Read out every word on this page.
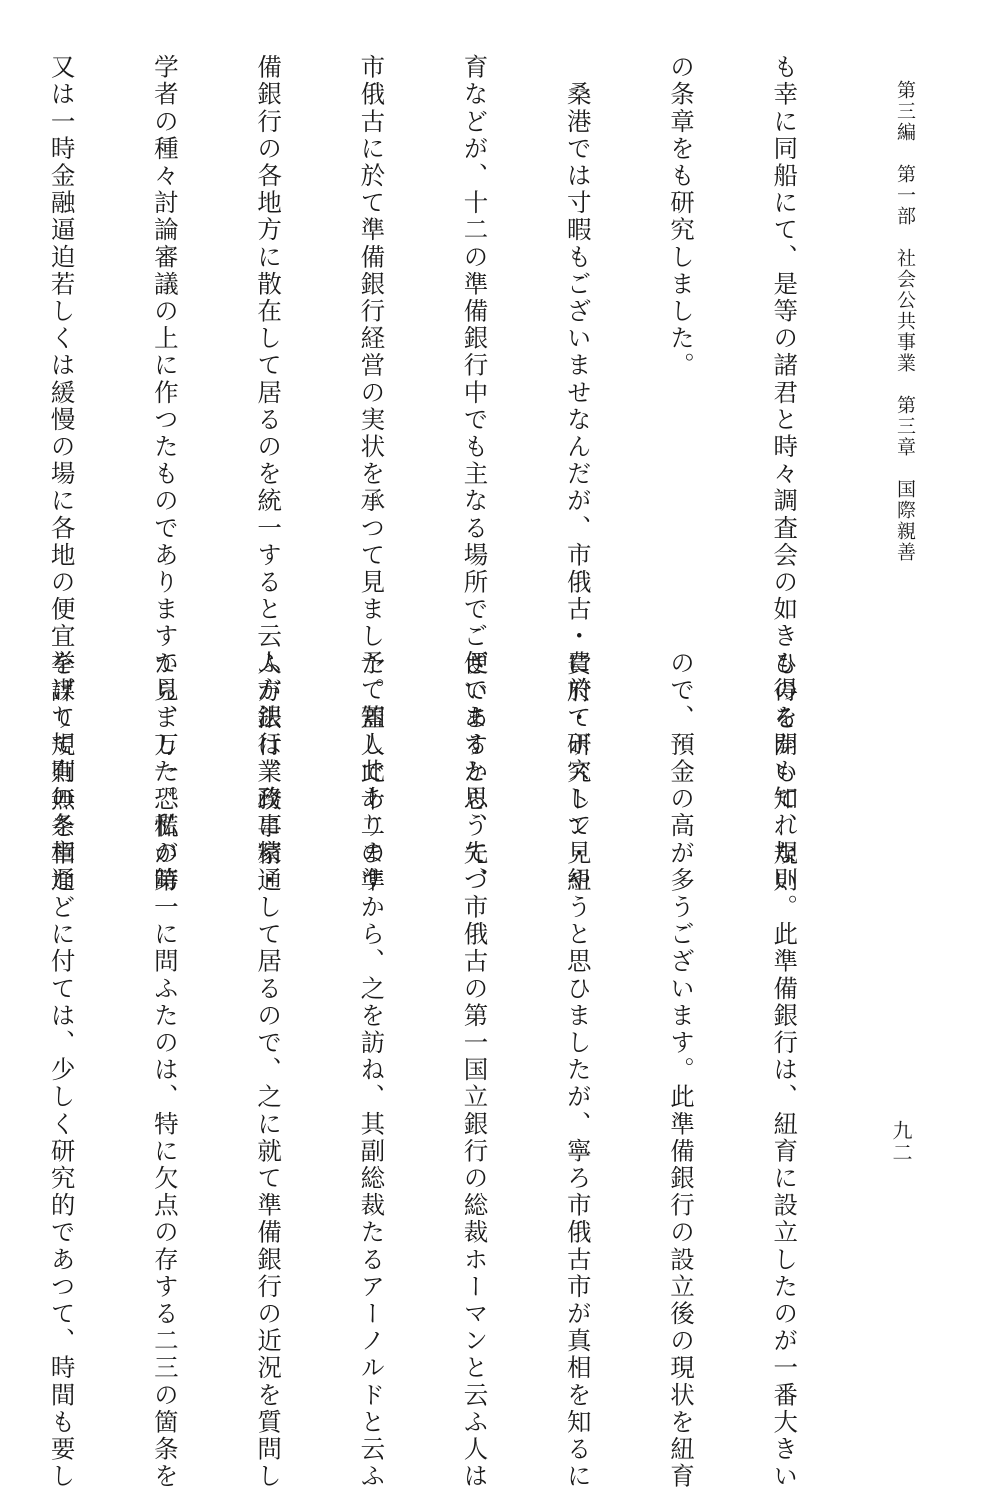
第三編　第一部　社会公共事業　第三章　国際親善

も幸に同船にて、是等の諸君と時々調査会の如きものを開いて、規則

の条章をも研究しました。

　桑港では寸暇もございませなんだが、市俄古・費府・ボストン・紐

育などが、十二の準備銀行中でも主なる場所でございますから、先づ

市俄古に於て準備銀行経営の実状を承つて見ました。蓋し此十二の準

備銀行の各地方に散在して居るのを統一すると云ふ方法は、政事家・

学者の種々討論審議の上に作つたものでありますから、万一恐慌の時

又は一時金融逼迫若しくは緩慢の場に各地の便宜を謀りて有無を相通

ひ得るかも知れない。此準備銀行は、紐育に設立したのが一番大きい

ので、預金の高が多うございます。此準備銀行の設立後の現状を紐育

に於て研究して見やうと思ひましたが、寧ろ市俄古市が真相を知るに

便であると思うて、市俄古の第一国立銀行の総裁ホーマンと云ふ人は

予て知人でありますから、之を訪ね、其副総裁たるアーノルドと云ふ

人が銀行業務に精通して居るので、之に就て準備銀行の近況を質問し

て見ました。私が第一に問ふたのは、特に欠点の存する二三の箇条を

挙げて規則の条章などに付ては、少しく研究的であつて、時間も要し

	九二
